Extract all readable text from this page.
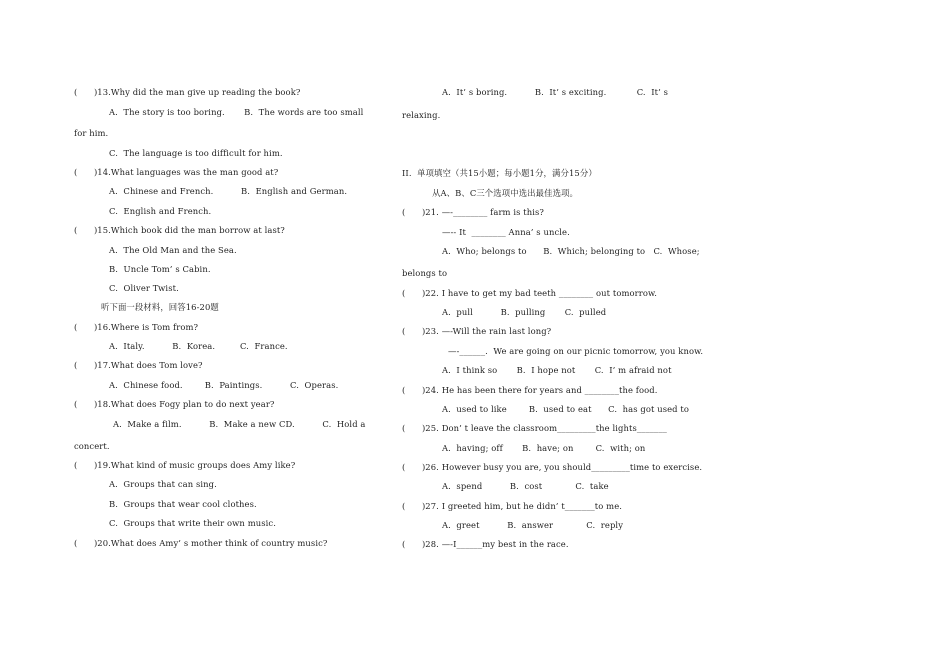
(      )13.Why did the man give up reading the book?
A.  The story is too boring.       B.  The words are too small
for him.
C.  The language is too difficult for him.
(      )14.What languages was the man good at?
A.  Chinese and French.          B.  English and German.
C.  English and French.
(      )15.Which book did the man borrow at last?
A.  The Old Man and the Sea.
B.  Uncle Tom’ s Cabin.
C.  Oliver Twist.
听下面一段材料，回答16-20题
(      )16.Where is Tom from?
A.  Italy.          B.  Korea.         C.  France.
(      )17.What does Tom love?
A.  Chinese food.        B.  Paintings.          C.  Operas.
(      )18.What does Fogy plan to do next year?
A.  Make a film.          B.  Make a new CD.          C.  Hold a
concert.
(      )19.What kind of music groups does Amy like?
A.  Groups that can sing.
B.  Groups that wear cool clothes.
C.  Groups that write their own music.
(      )20.What does Amy’ s mother think of country music?
A.  It’ s boring.          B.  It’ s exciting.           C.  It’ s
relaxing.
II.  单项填空（共15小题；每小题1分，满分15分）
从A、B、C三个选项中选出最佳选项。
(      )21. —-________ farm is this?
—-- It  ________ Anna’ s uncle.
A.  Who; belongs to      B.  Which; belonging to   C.  Whose;
belongs to
(      )22. I have to get my bad teeth ________ out tomorrow.
A.  pull          B.  pulling       C.  pulled
(      )23. —-Will the rain last long?
—-______.  We are going on our picnic tomorrow, you know.
A.  I think so       B.  I hope not       C.  I’ m afraid not
(      )24. He has been there for years and ________the food.
A.  used to like        B.  used to eat      C.  has got used to
(      )25. Don’ t leave the classroom_________the lights_______
A.  having; off       B.  have; on        C.  with; on
(      )26. However busy you are, you should_________time to exercise.
A.  spend          B.  cost            C.  take
(      )27. I greeted him, but he didn’ t_______to me.
A.  greet          B.  answer            C.  reply
(      )28. —-I______my best in the race.
